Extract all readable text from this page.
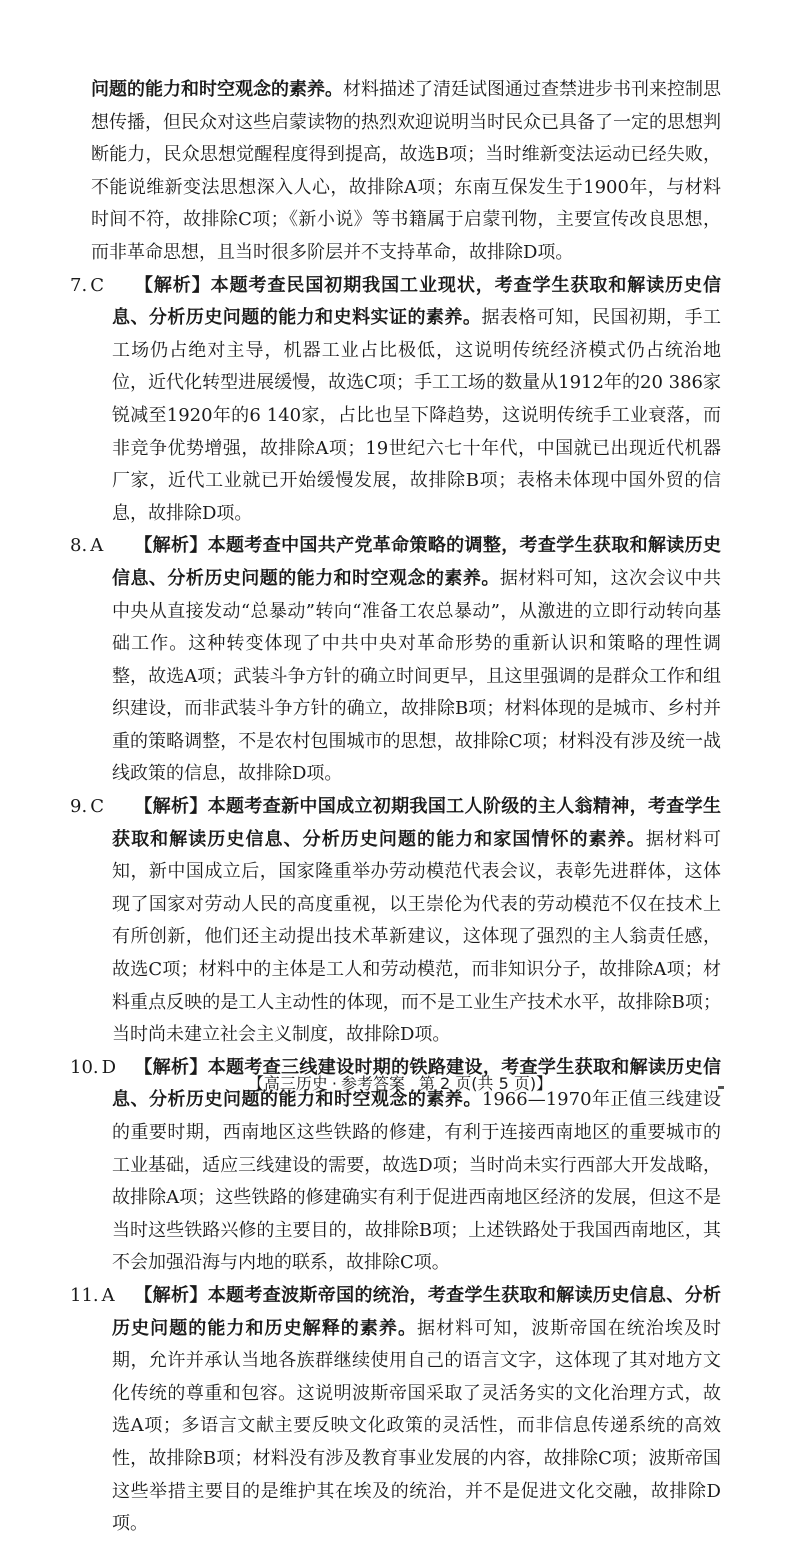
问题的能力和时空观念的素养。材料描述了清廷试图通过查禁进步书刊来控制思想传播，但民众对这些启蒙读物的热烈欢迎说明当时民众已具备了一定的思想判断能力，民众思想觉醒程度得到提高，故选B项；当时维新变法运动已经失败，不能说维新变法思想深入人心，故排除A项；东南互保发生于1900年，与材料时间不符，故排除C项；《新小说》等书籍属于启蒙刊物，主要宣传改良思想，而非革命思想，且当时很多阶层并不支持革命，故排除D项。

7. C	【解析】本题考查民国初期我国工业现状，考查学生获取和解读历史信息、分析历史问题的能力和史料实证的素养。据表格可知，民国初期，手工工场仍占绝对主导，机器工业占比极低，这说明传统经济模式仍占统治地位，近代化转型进展缓慢，故选C项；手工工场的数量从1912年的20 386家锐减至1920年的6 140家，占比也呈下降趋势，这说明传统手工业衰落，而非竞争优势增强，故排除A项；19世纪六七十年代，中国就已出现近代机器厂家，近代工业就已开始缓慢发展，故排除B项；表格未体现中国外贸的信息，故排除D项。

8. A	【解析】本题考查中国共产党革命策略的调整，考查学生获取和解读历史信息、分析历史问题的能力和时空观念的素养。据材料可知，这次会议中共中央从直接发动“总暴动”转向“准备工农总暴动”，从激进的立即行动转向基础工作。这种转变体现了中共中央对革命形势的重新认识和策略的理性调整，故选A项；武装斗争方针的确立时间更早，且这里强调的是群众工作和组织建设，而非武装斗争方针的确立，故排除B项；材料体现的是城市、乡村并重的策略调整，不是农村包围城市的思想，故排除C项；材料没有涉及统一战线政策的信息，故排除D项。

9. C	【解析】本题考查新中国成立初期我国工人阶级的主人翁精神，考查学生获取和解读历史信息、分析历史问题的能力和家国情怀的素养。据材料可知，新中国成立后，国家隆重举办劳动模范代表会议，表彰先进群体，这体现了国家对劳动人民的高度重视，以王崇伦为代表的劳动模范不仅在技术上有所创新，他们还主动提出技术革新建议，这体现了强烈的主人翁责任感，故选C项；材料中的主体是工人和劳动模范，而非知识分子，故排除A项；材料重点反映的是工人主动性的体现，而不是工业生产技术水平，故排除B项；当时尚未建立社会主义制度，故排除D项。

10. D 【解析】本题考查三线建设时期的铁路建设，考查学生获取和解读历史信息、分析历史问题的能力和时空观念的素养。1966—1970年正值三线建设的重要时期，西南地区这些铁路的修建，有利于连接西南地区的重要城市的工业基础，适应三线建设的需要，故选D项；当时尚未实行西部大开发战略，故排除A项；这些铁路的修建确实有利于促进西南地区经济的发展，但这不是当时这些铁路兴修的主要目的，故排除B项；上述铁路处于我国西南地区，其不会加强沿海与内地的联系，故排除C项。

11. A 【解析】本题考查波斯帝国的统治，考查学生获取和解读历史信息、分析历史问题的能力和历史解释的素养。据材料可知，波斯帝国在统治埃及时期，允许并承认当地各族群继续使用自己的语言文字，这体现了其对地方文化传统的尊重和包容。这说明波斯帝国采取了灵活务实的文化治理方式，故选A项；多语言文献主要反映文化政策的灵活性，而非信息传递系统的高效性，故排除B项；材料没有涉及教育事业发展的内容，故排除C项；波斯帝国这些举措主要目的是维护其在埃及的统治，并不是促进文化交融，故排除D项。

【高三历史 · 参考答案 第 2 页(共 5 页)】
